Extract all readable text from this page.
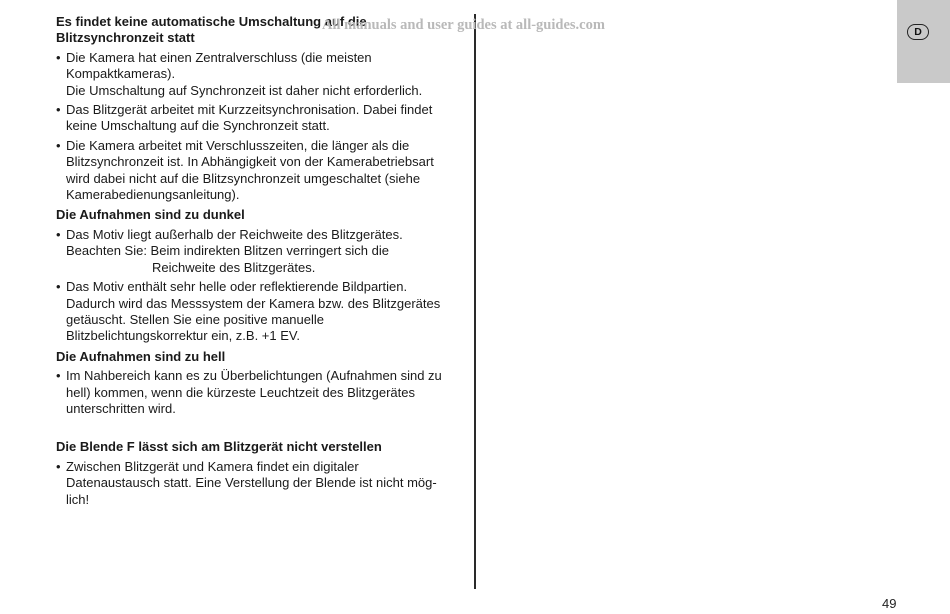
All manuals and user guides at all-guides.com

Es findet keine automatische Umschaltung auf die
Blitzsynchronzeit statt

• Die Kamera hat einen Zentralverschluss (die meisten
Kompaktkameras).
Die Umschaltung auf Synchronzeit ist daher nicht erforderlich.

• Das Blitzgerät arbeitet mit Kurzzeitsynchronisation. Dabei findet
keine Umschaltung auf die Synchronzeit statt.

• Die Kamera arbeitet mit Verschlusszeiten, die länger als die
Blitzsynchronzeit ist. In Abhängigkeit von der Kamerabetriebsart
wird dabei nicht auf die Blitzsynchronzeit umgeschaltet (siehe
Kamerabedienungsanleitung).

Die Aufnahmen sind zu dunkel

• Das Motiv liegt außerhalb der Reichweite des Blitzgerätes.
Beachten Sie: Beim indirekten Blitzen verringert sich die
Reichweite des Blitzgerätes.

• Das Motiv enthält sehr helle oder reflektierende Bildpartien.
Dadurch wird das Messsystem der Kamera bzw. des Blitzgerätes
getäuscht. Stellen Sie eine positive manuelle
Blitzbelichtungskorrektur ein, z.B. +1 EV.

Die Aufnahmen sind zu hell

• Im Nahbereich kann es zu Überbelichtungen (Aufnahmen sind zu
hell) kommen, wenn die kürzeste Leuchtzeit des Blitzgerätes
unterschritten wird.

Die Blende F lässt sich am Blitzgerät nicht verstellen

• Zwischen Blitzgerät und Kamera findet ein digitaler
Datenaustausch statt. Eine Verstellung der Blende ist nicht mög-
lich!

D
49
